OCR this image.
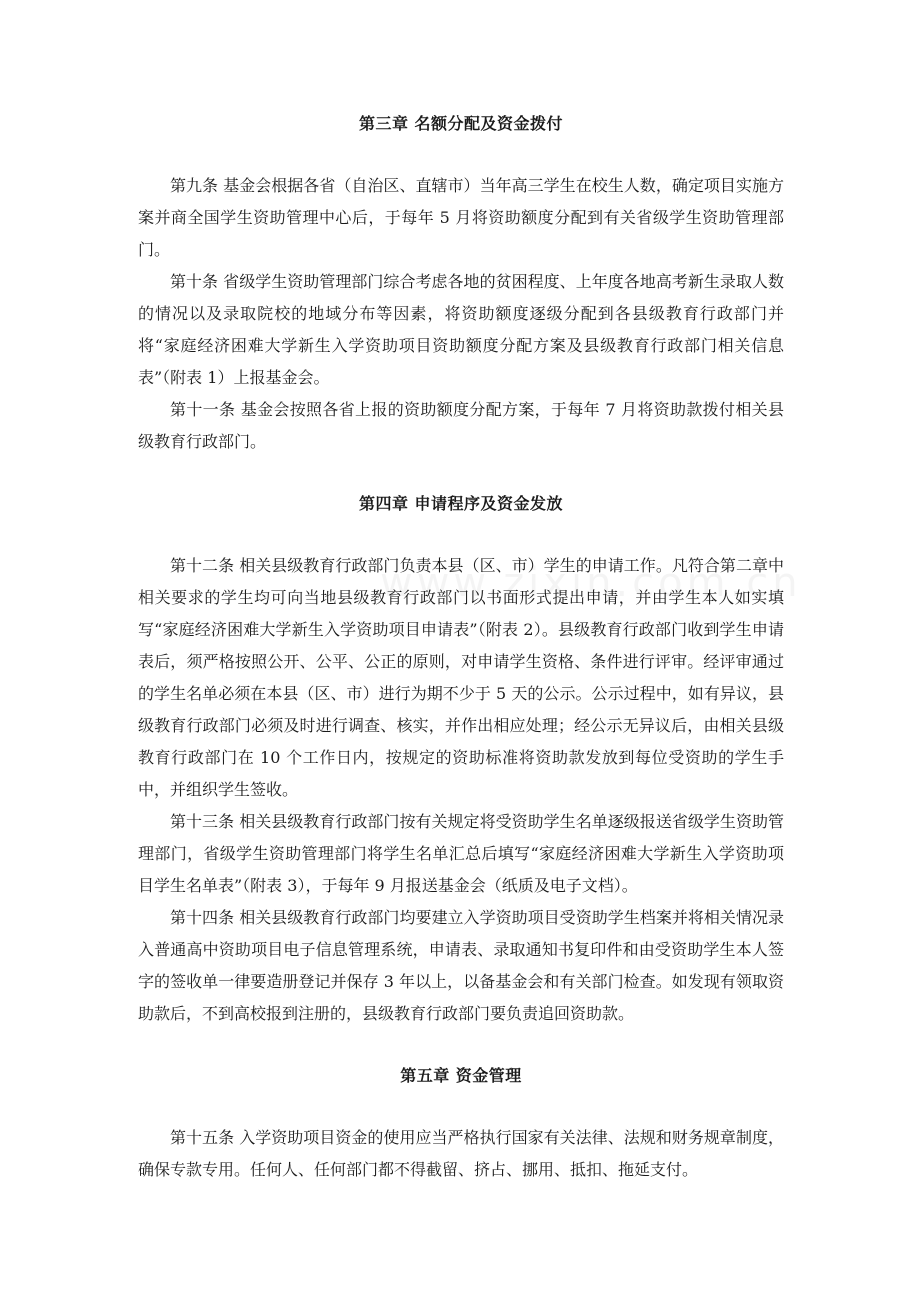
第三章 名额分配及资金拨付

第九条 基金会根据各省（自治区、直辖市）当年高三学生在校生人数，确定项目实施方案并商全国学生资助管理中心后，于每年 5 月将资助额度分配到有关省级学生资助管理部门。

第十条 省级学生资助管理部门综合考虑各地的贫困程度、上年度各地高考新生录取人数的情况以及录取院校的地域分布等因素，将资助额度逐级分配到各县级教育行政部门并将“家庭经济困难大学新生入学资助项目资助额度分配方案及县级教育行政部门相关信息表”（附表 1）上报基金会。

第十一条 基金会按照各省上报的资助额度分配方案，于每年 7 月将资助款拨付相关县级教育行政部门。

第四章 申请程序及资金发放

第十二条 相关县级教育行政部门负责本县（区、市）学生的申请工作。凡符合第二章中相关要求的学生均可向当地县级教育行政部门以书面形式提出申请，并由学生本人如实填写“家庭经济困难大学新生入学资助项目申请表”（附表 2）。县级教育行政部门收到学生申请表后，须严格按照公开、公平、公正的原则，对申请学生资格、条件进行评审。经评审通过的学生名单必须在本县（区、市）进行为期不少于 5 天的公示。公示过程中，如有异议，县级教育行政部门必须及时进行调查、核实，并作出相应处理；经公示无异议后，由相关县级教育行政部门在 10 个工作日内，按规定的资助标准将资助款发放到每位受资助的学生手中，并组织学生签收。

第十三条 相关县级教育行政部门按有关规定将受资助学生名单逐级报送省级学生资助管理部门，省级学生资助管理部门将学生名单汇总后填写“家庭经济困难大学新生入学资助项目学生名单表”（附表 3），于每年 9 月报送基金会（纸质及电子文档）。

第十四条 相关县级教育行政部门均要建立入学资助项目受资助学生档案并将相关情况录入普通高中资助项目电子信息管理系统，申请表、录取通知书复印件和由受资助学生本人签字的签收单一律要造册登记并保存 3 年以上，以备基金会和有关部门检查。如发现有领取资助款后，不到高校报到注册的，县级教育行政部门要负责追回资助款。

第五章 资金管理

第十五条 入学资助项目资金的使用应当严格执行国家有关法律、法规和财务规章制度，确保专款专用。任何人、任何部门都不得截留、挤占、挪用、抵扣、拖延支付。
